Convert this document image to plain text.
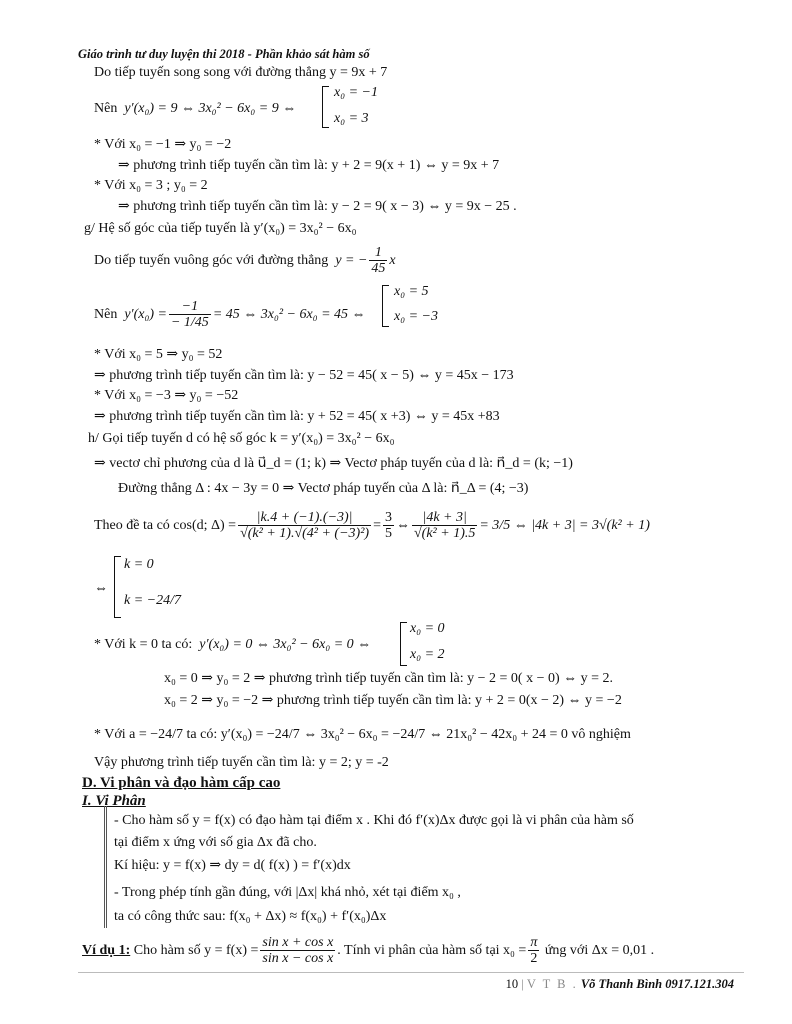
Giáo trình tư duy luyện thi 2018 - Phần khảo sát hàm số
Do tiếp tuyến song song với đường thẳng y = 9x + 7
Nên y′(x₀) = 9 ⇔ 3x₀² − 6x₀ = 9 ⇔
x₀ = −1
x₀ = 3
* Với x₀ = −1 ⇒ y₀ = −2
⇒ phương trình tiếp tuyến cần tìm là: y + 2 = 9(x + 1) ⇔ y = 9x + 7
* Với x₀ = 3 ; y₀ = 2
⇒ phương trình tiếp tuyến cần tìm là: y − 2 = 9( x − 3) ⇔ y = 9x − 25 .
g/ Hệ số góc của tiếp tuyến là y′(x₀) = 3x₀² − 6x₀
Do tiếp tuyến vuông góc với đường thẳng y = − $\frac{1}{45}$ x
Nên $y'(x_0) = \frac{-1}{- 1/45} = 45$ ⇔ 3x₀² − 6x₀ = 45 ⇔
x₀ = 5
x₀ = −3
* Với x₀ = 5 ⇒ y₀ = 52
⇒ phương trình tiếp tuyến cần tìm là: y − 52 = 45( x − 5) ⇔ y = 45x − 173
* Với x₀ = −3 ⇒ y₀ = −52
⇒ phương trình tiếp tuyến cần tìm là: y + 52 = 45( x +3) ⇔ y = 45x +83
h/ Gọi tiếp tuyến d có hệ số góc k = y′(x₀) = 3x₀² − 6x₀
⇒ vectơ chỉ phương của d là u⃗_d = (1; k) ⇒ Vectơ pháp tuyến của d là: n⃗_d = (k; −1)
Đường thẳng Δ : 4x − 3y = 0 ⇒ Vectơ pháp tuyến của Δ là: n⃗_Δ = (4; −3)
Theo đề ta có cos(d; $\Delta) = \frac{|k.4 + (-1).(-3)|}{\text{√(k² + 1).√(4² + (−3)²)}} = \frac{3}{5}$ ⇔ $\frac{|4k + 3|}{\text{√(k² + 1).5}} = 3/5$ ⇔ |4k + 3| = 3√(k² + 1)
⇔
k = 0
k = −24/7
* Với k = 0 ta có: y′(x₀) = 0 ⇔ 3x₀² − 6x₀ = 0 ⇔
x₀ = 0
x₀ = 2
x₀ = 0 ⇒ y₀ = 2 ⇒ phương trình tiếp tuyến cần tìm là: y − 2 = 0( x − 0) ⇔ y = 2.
x₀ = 2 ⇒ y₀ = −2 ⇒ phương trình tiếp tuyến cần tìm là: y + 2 = 0(x − 2) ⇔ y = −2
* Với a = −24/7 ta có: y′(x₀) = −24/7 ⇔ 3x₀² − 6x₀ = −24/7 ⇔ 21x₀² − 42x₀ + 24 = 0 vô nghiệm
Vậy phương trình tiếp tuyến cần tìm là: y = 2; y = -2
D. Vi phân và đạo hàm cấp cao
I. Vi Phân
- Cho hàm số y = f(x) có đạo hàm tại điểm x . Khi đó f′(x)Δx được gọi là vi phân của hàm số
tại điểm x ứng với số gia Δx đã cho.
Kí hiệu: y = f(x) ⇒ dy = d( f(x) ) = f′(x)dx
- Trong phép tính gần đúng, với |Δx| khá nhỏ, xét tại điểm x₀ ,
ta có công thức sau: f(x₀ + Δx) ≈ f(x₀) + f′(x₀)Δx
Ví dụ 1: Cho hàm số $y = f(x) = \frac{\text{sin x + cos x}}{\text{sin x − cos x}}$ . Tính vi phân của hàm số tại $x_0 = \frac{\pi}{2}$ ứng với Δx = 0,01 .
10 | V T B . Võ Thanh Bình 0917.121.304
